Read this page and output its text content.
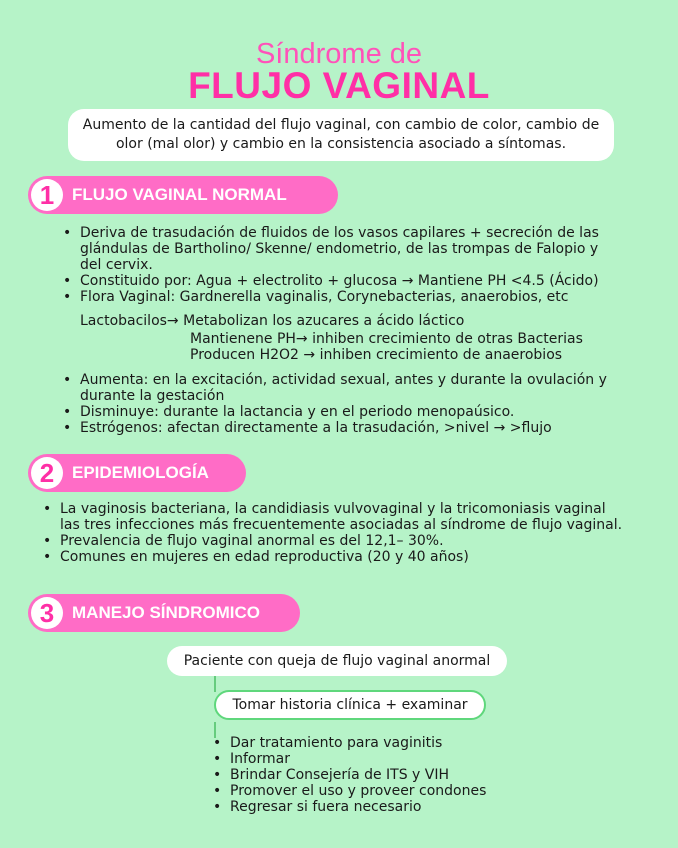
Síndrome de
FLUJO VAGINAL
Aumento de la cantidad del flujo vaginal, con cambio de color, cambio de olor (mal olor) y cambio en la consistencia asociado a síntomas.
1	FLUJO VAGINAL NORMAL
• Deriva de trasudación de fluidos de los vasos capilares + secreción de las glándulas de Bartholino/ Skenne/ endometrio, de las trompas de Falopio y del cervix.
• Constituido por: Agua + electrolito + glucosa → Mantiene PH <4.5 (Ácido)
• Flora Vaginal: Gardnerella vaginalis, Corynebacterias, anaerobios, etc
Lactobacilos→ Metabolizan los azucares a ácido láctico
Mantienene PH→ inhiben crecimiento de otras Bacterias
Producen H2O2 → inhiben crecimiento de anaerobios
• Aumenta: en la excitación, actividad sexual, antes y durante la ovulación y durante la gestación
• Disminuye: durante la lactancia y en el periodo menopaúsico.
• Estrógenos: afectan directamente a la trasudación, >nivel → >flujo
2	EPIDEMIOLOGÍA
• La vaginosis bacteriana, la candidiasis vulvovaginal y la tricomoniasis vaginal las tres infecciones más frecuentemente asociadas al síndrome de flujo vaginal.
• Prevalencia de flujo vaginal anormal es del 12,1– 30%.
• Comunes en mujeres en edad reproductiva (20 y 40 años)
3	MANEJO SÍNDROMICO
Paciente con queja de flujo vaginal anormal
Tomar historia clínica + examinar
• Dar tratamiento para vaginitis
• Informar
• Brindar Consejería de ITS y VIH
• Promover el uso y proveer condones
• Regresar si fuera necesario
